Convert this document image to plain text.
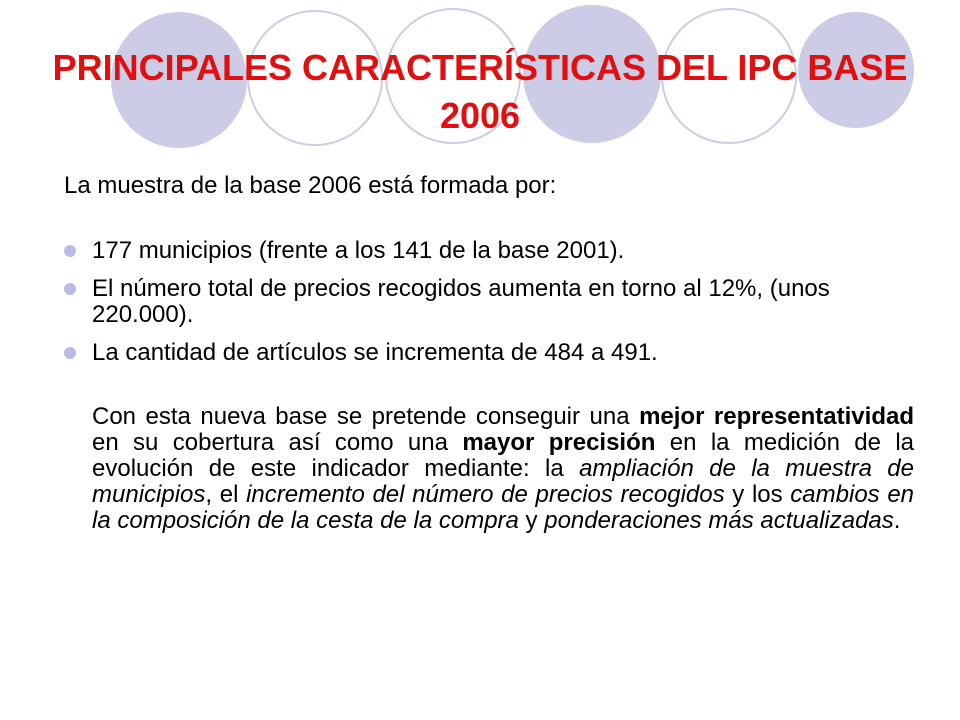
PRINCIPALES CARACTERÍSTICAS DEL IPC BASE 2006

La muestra de la base 2006 está formada por:

177 municipios (frente a los 141 de la base 2001).
El número total de precios recogidos aumenta en torno al 12%, (unos 220.000).
La cantidad de artículos se incrementa de 484 a 491.

Con esta nueva base se pretende conseguir una mejor representatividad en su cobertura así como una mayor precisión en la medición de la evolución de este indicador mediante: la ampliación de la muestra de municipios, el incremento del número de precios recogidos y los cambios en la composición de la cesta de la compra y ponderaciones más actualizadas.
